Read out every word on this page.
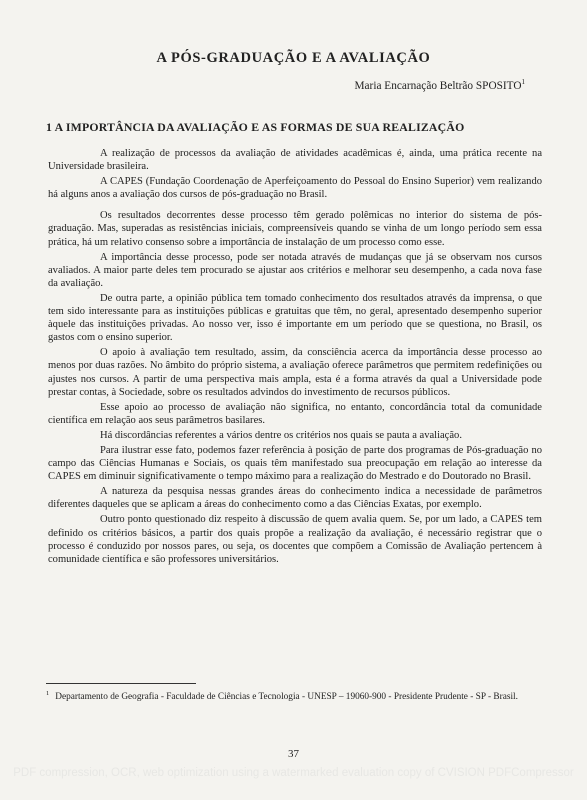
A PÓS-GRADUAÇÃO E A AVALIAÇÃO
Maria Encarnação Beltrão SPOSITO$^1$
1 A IMPORTÂNCIA DA AVALIAÇÃO E AS FORMAS DE SUA REALIZAÇÃO

A realização de processos da avaliação de atividades acadêmicas é, ainda, uma prática recente na Universidade brasileira.

A CAPES (Fundação Coordenação de Aperfeiçoamento do Pessoal do Ensino Superior) vem realizando há alguns anos a avaliação dos cursos de pós-graduação no Brasil.

Os resultados decorrentes desse processo têm gerado polêmicas no interior do sistema de pós-graduação. Mas, superadas as resistências iniciais, compreensíveis quando se vinha de um longo período sem essa prática, há um relativo consenso sobre a importância de instalação de um processo como esse.

A importância desse processo, pode ser notada através de mudanças que já se observam nos cursos avaliados. A maior parte deles tem procurado se ajustar aos critérios e melhorar seu desempenho, a cada nova fase da avaliação.

De outra parte, a opinião pública tem tomado conhecimento dos resultados através da imprensa, o que tem sido interessante para as instituições públicas e gratuitas que têm, no geral, apresentado desempenho superior àquele das instituições privadas. Ao nosso ver, isso é importante em um período que se questiona, no Brasil, os gastos com o ensino superior.

O apoio à avaliação tem resultado, assim, da consciência acerca da importância desse processo ao menos por duas razões. No âmbito do próprio sistema, a avaliação oferece parâmetros que permitem redefinições ou ajustes nos cursos. A partir de uma perspectiva mais ampla, esta é a forma através da qual a Universidade pode prestar contas, à Sociedade, sobre os resultados advindos do investimento de recursos públicos.

Esse apoio ao processo de avaliação não significa, no entanto, concordância total da comunidade científica em relação aos seus parâmetros basilares.

Há discordâncias referentes a vários dentre os critérios nos quais se pauta a avaliação.

Para ilustrar esse fato, podemos fazer referência à posição de parte dos programas de Pós-graduação no campo das Ciências Humanas e Sociais, os quais têm manifestado sua preocupação em relação ao interesse da CAPES em diminuir significativamente o tempo máximo para a realização do Mestrado e do Doutorado no Brasil.

A natureza da pesquisa nessas grandes áreas do conhecimento indica a necessidade de parâmetros diferentes daqueles que se aplicam a áreas do conhecimento como a das Ciências Exatas, por exemplo.

Outro ponto questionado diz respeito à discussão de quem avalia quem. Se, por um lado, a CAPES tem definido os critérios básicos, a partir dos quais propõe a realização da avaliação, é necessário registrar que o processo é conduzido por nossos pares, ou seja, os docentes que compõem a Comissão de Avaliação pertencem à comunidade científica e são professores universitários.

$^1$ Departamento de Geografia - Faculdade de Ciências e Tecnologia - UNESP – 19060-900 - Presidente Prudente - SP - Brasil.
37
PDF compression, OCR, web optimization using a watermarked evaluation copy of CVISION PDFCompressor
